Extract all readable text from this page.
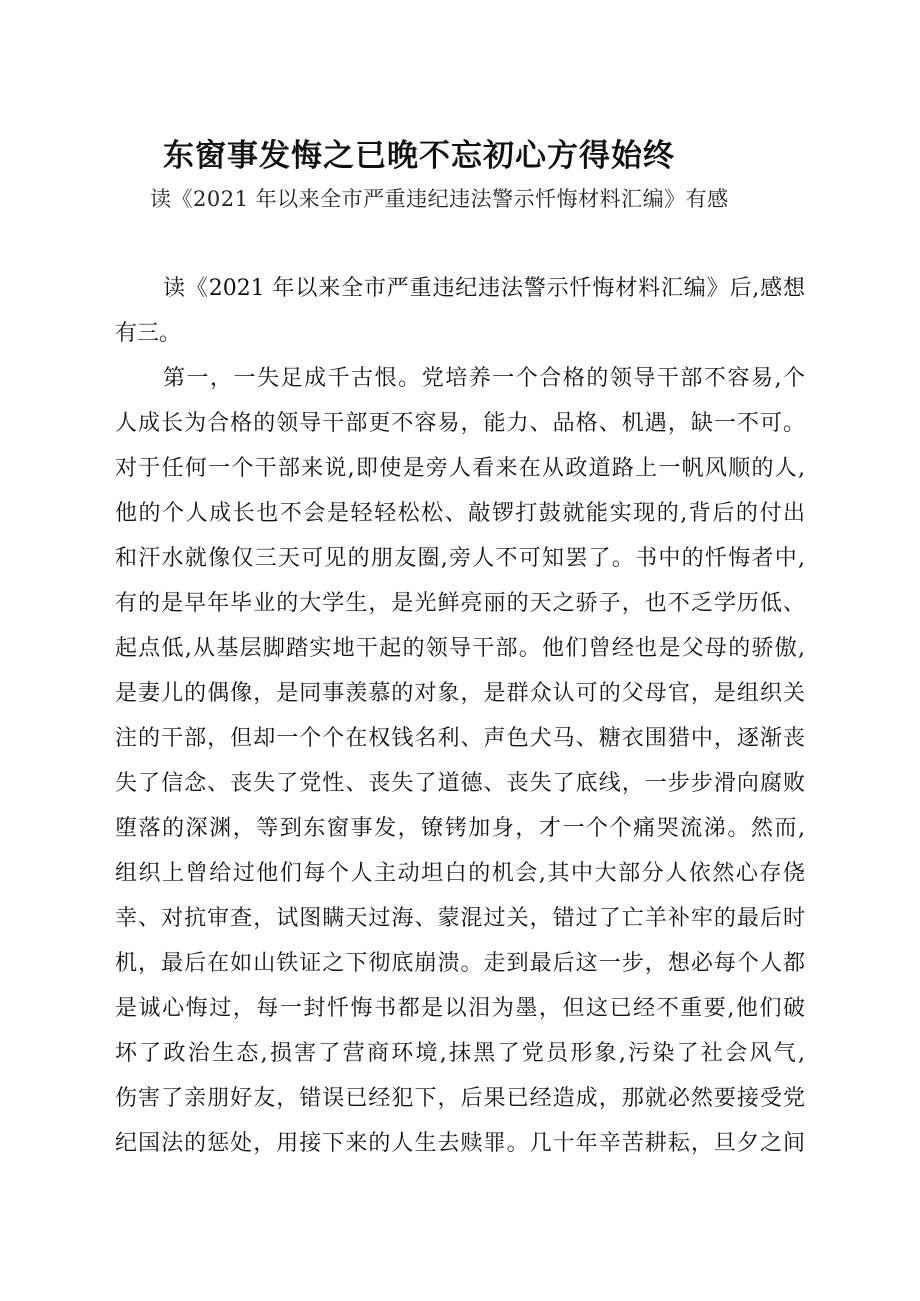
东窗事发悔之已晚不忘初心方得始终
读《2021 年以来全市严重违纪违法警示忏悔材料汇编》有感

读《2021 年以来全市严重违纪违法警示忏悔材料汇编》后,感想
有三。

第一，一失足成千古恨。党培养一个合格的领导干部不容易,个
人成长为合格的领导干部更不容易，能力、品格、机遇，缺一不可。
对于任何一个干部来说,即使是旁人看来在从政道路上一帆风顺的人,
他的个人成长也不会是轻轻松松、敲锣打鼓就能实现的,背后的付出
和汗水就像仅三天可见的朋友圈,旁人不可知罢了。书中的忏悔者中,
有的是早年毕业的大学生，是光鲜亮丽的天之骄子，也不乏学历低、
起点低,从基层脚踏实地干起的领导干部。他们曾经也是父母的骄傲,
是妻儿的偶像，是同事羡慕的对象，是群众认可的父母官，是组织关
注的干部，但却一个个在权钱名利、声色犬马、糖衣围猎中，逐渐丧
失了信念、丧失了党性、丧失了道德、丧失了底线，一步步滑向腐败
堕落的深渊，等到东窗事发，镣铐加身，才一个个痛哭流涕。然而,
组织上曾给过他们每个人主动坦白的机会,其中大部分人依然心存侥
幸、对抗审查，试图瞒天过海、蒙混过关，错过了亡羊补牢的最后时
机，最后在如山铁证之下彻底崩溃。走到最后这一步，想必每个人都
是诚心悔过，每一封忏悔书都是以泪为墨，但这已经不重要,他们破
坏了政治生态,损害了营商环境,抹黑了党员形象,污染了社会风气,
伤害了亲朋好友，错误已经犯下，后果已经造成，那就必然要接受党
纪国法的惩处，用接下来的人生去赎罪。几十年辛苦耕耘，旦夕之间
